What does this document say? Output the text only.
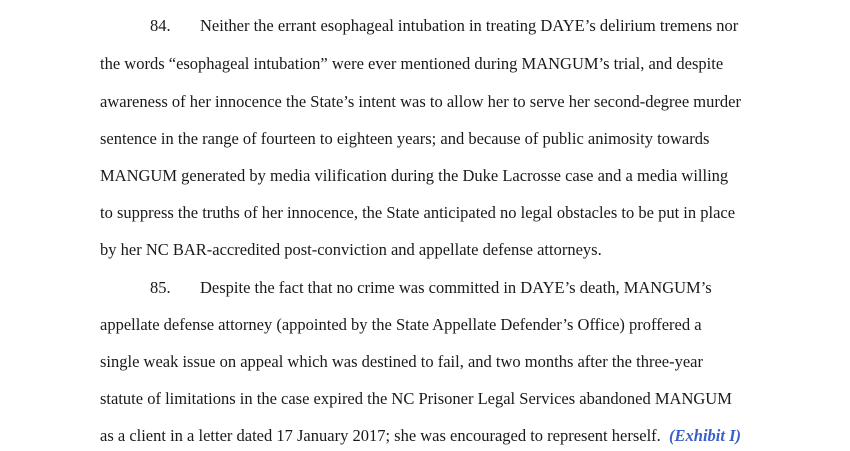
84. Neither the errant esophageal intubation in treating DAYE’s delirium tremens nor
the words “esophageal intubation” were ever mentioned during MANGUM’s trial, and despite
awareness of her innocence the State’s intent was to allow her to serve her second-degree murder
sentence in the range of fourteen to eighteen years; and because of public animosity towards
MANGUM generated by media vilification during the Duke Lacrosse case and a media willing
to suppress the truths of her innocence, the State anticipated no legal obstacles to be put in place
by her NC BAR-accredited post-conviction and appellate defense attorneys.
85. Despite the fact that no crime was committed in DAYE’s death, MANGUM’s
appellate defense attorney (appointed by the State Appellate Defender’s Office) proffered a
single weak issue on appeal which was destined to fail, and two months after the three-year
statute of limitations in the case expired the NC Prisoner Legal Services abandoned MANGUM
as a client in a letter dated 17 January 2017; she was encouraged to represent herself. (Exhibit I)
